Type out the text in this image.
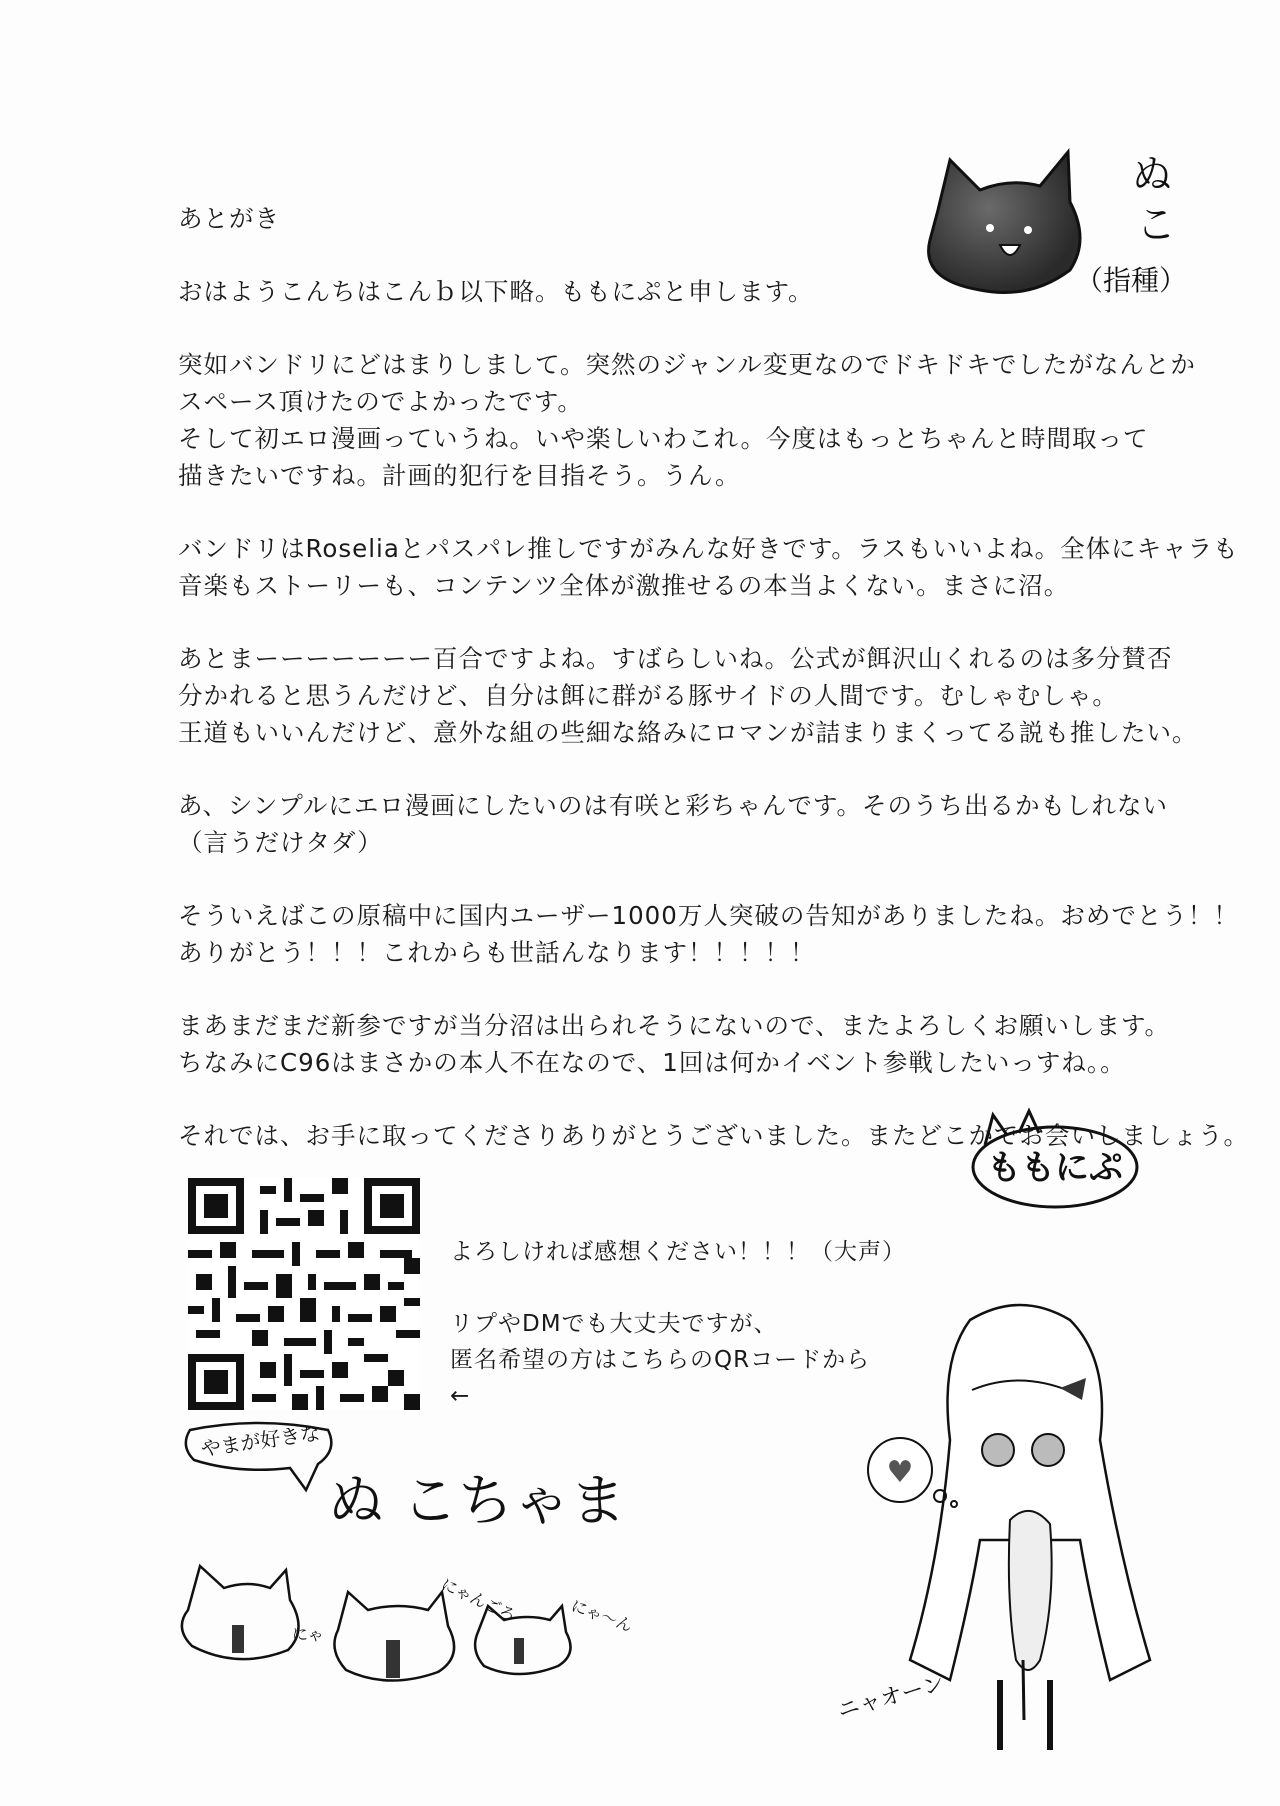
あとがき
おはようこんちはこんｂ以下略。ももにぷと申します。
突如バンドリにどはまりしまして。突然のジャンル変更なのでドキドキでしたがなんとか
スペース頂けたのでよかったです。
そして初エロ漫画っていうね。いや楽しいわこれ。今度はもっとちゃんと時間取って
描きたいですね。計画的犯行を目指そう。うん。
バンドリはRoseliaとパスパレ推しですがみんな好きです。ラスもいいよね。全体にキャラも
音楽もストーリーも、コンテンツ全体が激推せるの本当よくない。まさに沼。
あとまーーーーーーー百合ですよね。すばらしいね。公式が餌沢山くれるのは多分賛否
分かれると思うんだけど、自分は餌に群がる豚サイドの人間です。むしゃむしゃ。
王道もいいんだけど、意外な組の些細な絡みにロマンが詰まりまくってる説も推したい。
あ、シンプルにエロ漫画にしたいのは有咲と彩ちゃんです。そのうち出るかもしれない
（言うだけタダ）
そういえばこの原稿中に国内ユーザー1000万人突破の告知がありましたね。おめでとう！！
ありがとう！！！これからも世話んなります！！！！！
まあまだまだ新参ですが当分沼は出られそうにないので、またよろしくお願いします。
ちなみにC96はまさかの本人不在なので、1回は何かイベント参戦したいっすね。。
それでは、お手に取ってくださりありがとうございました。またどこかでお会いしましょう。
ぬ
こ
（指種）
ももにぷ
よろしければ感想ください！！！（大声）
リプやDMでも大丈夫ですが、
匿名希望の方はこちらのQRコードから
←
やまが好きな
ぬ こちゃま
にゃ
にゃんごろ	にゃ〜ん
♥
ニャオーン
